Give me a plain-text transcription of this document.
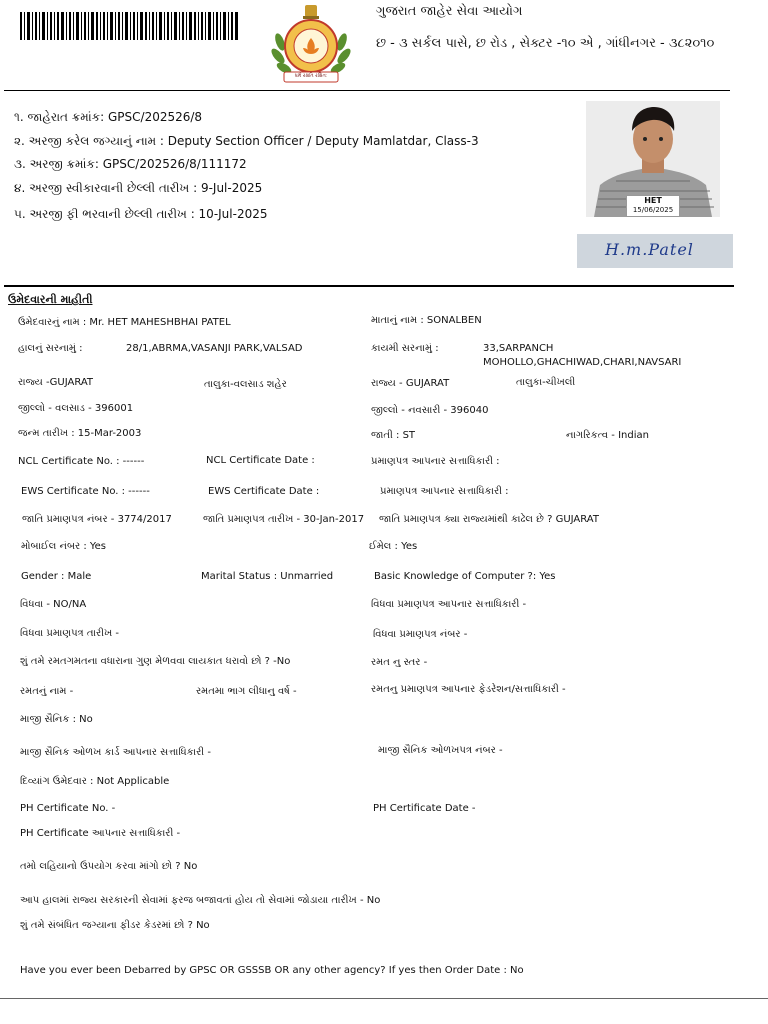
ધર્મ રક્ષતિ રક્ષિતઃ
ગુજરાત જાહેર સેવા આયોગ
છ - ૩ સર્કલ પાસે, છ રોડ , સેક્ટર -૧૦ એ , ગાંધીનગર - ૩૮૨૦૧૦
૧. જાહેરાત ક્રમાંક: GPSC/202526/8
૨. અરજી કરેલ જગ્યાનું નામ : Deputy Section Officer / Deputy Mamlatdar, Class-3
૩. અરજી ક્રમાંક: GPSC/202526/8/111172
૪. અરજી સ્વીકારવાની છેલ્લી તારીખ : 9-Jul-2025
૫. અરજી ફી ભરવાની છેલ્લી તારીખ : 10-Jul-2025
HET
15/06/2025
H.m.Patel
ઉમેદવારની માહીતી
ઉમેદવારનું નામ : Mr. HET MAHESHBHAI PATEL	માતાનું નામ : SONALBEN
હાલનું સરનામું :	28/1,ABRMA,VASANJI PARK,VALSAD	કાયમી સરનામું :	33,SARPANCH
MOHOLLO,GHACHIWAD,CHARI,NAVSARI
રાજ્ય -GUJARAT	તાલુકા-વલસાડ શહેર	રાજ્ય - GUJARAT	તાલુકા-ચીખલી
જીલ્લો - વલસાડ - 396001	જીલ્લો - નવસારી - 396040
જન્મ તારીખ : 15-Mar-2003	જાતી : ST	નાગરિકત્વ - Indian
NCL Certificate No. : ------	NCL Certificate Date :	પ્રમાણપત્ર આપનાર સત્તાધિકારી :
EWS Certificate No. : ------	EWS Certificate Date :	પ્રમાણપત્ર આપનાર સત્તાધિકારી :
જાતિ પ્રમાણપત્ર નંબર - 3774/2017	જાતિ પ્રમાણપત્ર તારીખ - 30-Jan-2017 જાતિ પ્રમાણપત્ર ક્યા રાજ્યમાંથી કાઢેલ છે ? GUJARAT
મોબાઈલ નંબર : Yes	ઈમેલ : Yes
Gender : Male	Marital Status : Unmarried	Basic Knowledge of Computer ?: Yes
વિધવા - NO/NA	વિધવા પ્રમાણપત્ર આપનાર સત્તાધિકારી -
વિધવા પ્રમાણપત્ર તારીખ -	વિધવા પ્રમાણપત્ર નંબર -
શું તમે રમતગમતના વધારાના ગુણ મેળવવા લાયકાત ધરાવો છો ? -No	રમત નુ સ્તર -
રમતનું નામ -	રમતમા ભાગ લીધાનુ વર્ષ -	રમતનુ પ્રમાણપત્ર આપનાર ફેડરેશન/સત્તાધિકારી -
માજી સૈનિક : No
માજી સૈનિક ઓળખ કાર્ડ આપનાર સત્તાધિકારી -	માજી સૈનિક ઓળખપત્ર નંબર -
દિવ્યાંગ ઉમેદવાર : Not Applicable
PH Certificate No. -	PH Certificate Date -
PH Certificate આપનાર સત્તાધિકારી -
તમો લહિયાનો ઉપયોગ કરવા માંગો છો ? No
આપ હાલમાં રાજ્ય સરકારની સેવામાં ફરજ બજાવતાં હોય તો સેવામાં જોડાયા તારીખ - No
શું તમે સંબંધિત જગ્યાના ફીડર કેડરમાં છો ? No
Have you ever been Debarred by GPSC OR GSSSB OR any other agency? If yes then Order Date : No
